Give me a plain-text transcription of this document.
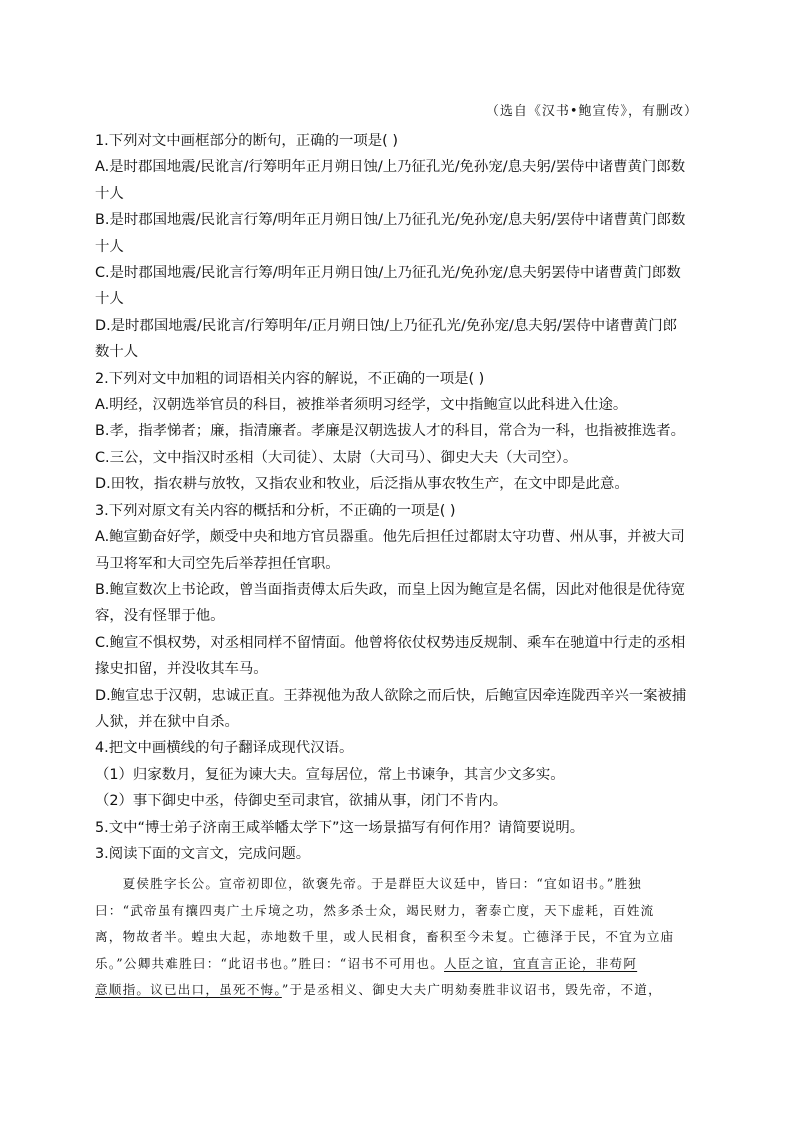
（选自《汉书•鲍宣传》，有删改）
1.下列对文中画框部分的断句，正确的一项是( )
A.是时郡国地震/民讹言/行筹明年正月朔日蚀/上乃征孔光/免孙宠/息夫躬/罢侍中诸曹黄门郎数
十人
B.是时郡国地震/民讹言行筹/明年正月朔日蚀/上乃征孔光/免孙宠/息夫躬/罢侍中诸曹黄门郎数
十人
C.是时郡国地震/民讹言行筹/明年正月朔日蚀/上乃征孔光/免孙宠/息夫躬罢侍中诸曹黄门郎数
十人
D.是时郡国地震/民讹言/行筹明年/正月朔日蚀/上乃征孔光/免孙宠/息夫躬/罢侍中诸曹黄门郎
数十人
2.下列对文中加粗的词语相关内容的解说，不正确的一项是( )
A.明经，汉朝选举官员的科目，被推举者须明习经学，文中指鲍宣以此科进入仕途。
B.孝，指孝悌者；廉，指清廉者。孝廉是汉朝选拔人才的科目，常合为一科，也指被推选者。
C.三公，文中指汉时丞相（大司徒）、太尉（大司马）、御史大夫（大司空）。
D.田牧，指农耕与放牧，又指农业和牧业，后泛指从事农牧生产，在文中即是此意。
3.下列对原文有关内容的概括和分析，不正确的一项是( )
A.鲍宣勤奋好学，颇受中央和地方官员器重。他先后担任过都尉太守功曹、州从事，并被大司
马卫将军和大司空先后举荐担任官职。
B.鲍宣数次上书论政，曾当面指责傅太后失政，而皇上因为鲍宣是名儒，因此对他很是优待宽
容，没有怪罪于他。
C.鲍宣不惧权势，对丞相同样不留情面。他曾将依仗权势违反规制、乘车在驰道中行走的丞相
掾史扣留，并没收其车马。
D.鲍宣忠于汉朝，忠诚正直。王莽视他为敌人欲除之而后快，后鲍宣因牵连陇西辛兴一案被捕
人狱，并在狱中自杀。
4.把文中画横线的句子翻译成现代汉语。
（1）归家数月，复征为谏大夫。宣每居位，常上书谏争，其言少文多实。
（2）事下御史中丞，侍御史至司隶官，欲捕从事，闭门不肯内。
5.文中“博士弟子济南王咸举幡太学下”这一场景描写有何作用？请简要说明。
3.阅读下面的文言文，完成问题。
　　夏侯胜字长公。宣帝初即位，欲褒先帝。于是群臣大议廷中，皆曰：“宜如诏书。”胜独
曰：“武帝虽有攘四夷广土斥境之功，然多杀士众，竭民财力，奢泰亡度，天下虚耗，百姓流
离，物故者半。蝗虫大起，赤地数千里，或人民相食，畜积至今未复。亡德泽于民，不宜为立庙
乐。”公卿共难胜曰：“此诏书也。”胜曰：“诏书不可用也。人臣之谊，宜直言正论，非苟阿
意顺指。议已出口，虽死不悔。”于是丞相义、御史大夫广明劾奏胜非议诏书，毁先帝，不道，
